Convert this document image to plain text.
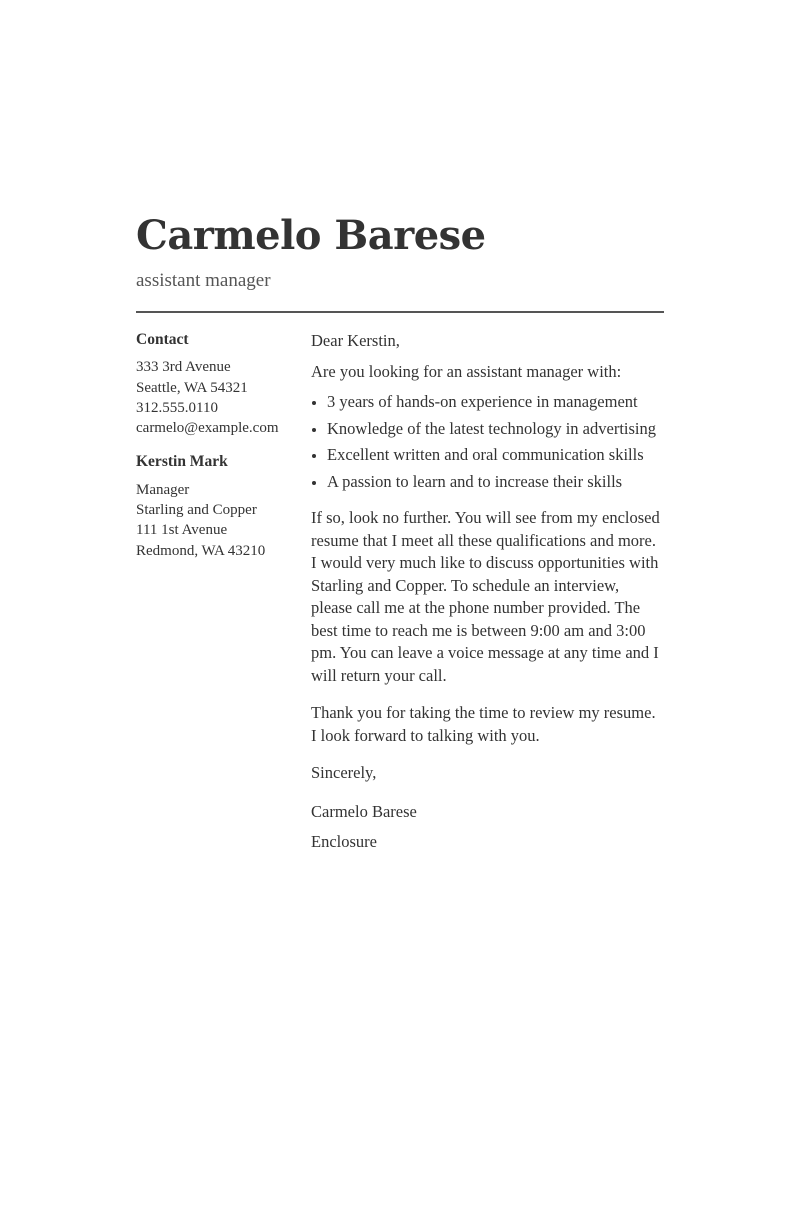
Carmelo Barese
assistant manager
Contact
333 3rd Avenue
Seattle, WA 54321
312.555.0110
carmelo@example.com
Kerstin Mark
Manager
Starling and Copper
111 1st Avenue
Redmond, WA 43210

Dear Kerstin,

Are you looking for an assistant manager with:

• 3 years of hands-on experience in management
• Knowledge of the latest technology in advertising
• Excellent written and oral communication skills
• A passion to learn and to increase their skills

If so, look no further. You will see from my enclosed resume that I meet all these qualifications and more.

I would very much like to discuss opportunities with Starling and Copper. To schedule an interview, please call me at the phone number provided. The best time to reach me is between 9:00 am and 3:00 pm. You can leave a voice message at any time and I will return your call.

Thank you for taking the time to review my resume. I look forward to talking with you.

Sincerely,

Carmelo Barese

Enclosure
